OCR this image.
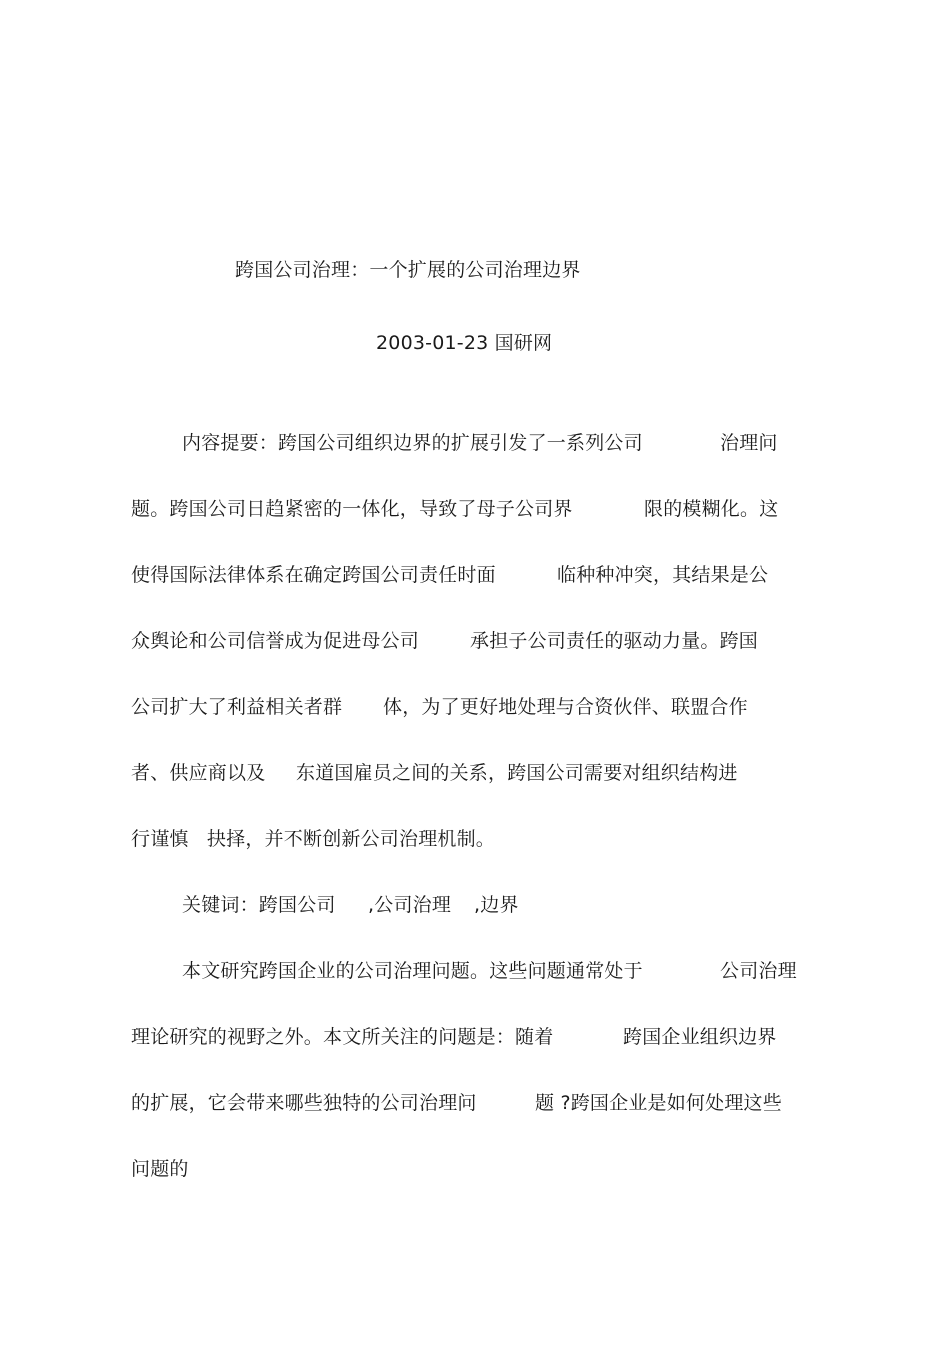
跨国公司治理：一个扩展的公司治理边界
2003-01-23 国研网
内容提要：跨国公司组织边界的扩展引发了一系列公司	治理问
题。跨国公司日趋紧密的一体化，导致了母子公司界	限的模糊化。这
使得国际法律体系在确定跨国公司责任时面	临种种冲突，其结果是公
众舆论和公司信誉成为促进母公司	承担子公司责任的驱动力量。跨国
公司扩大了利益相关者群 体，为了更好地处理与合资伙伴、联盟合作
者、供应商以及 东道国雇员之间的关系，跨国公司需要对组织结构进
行谨慎 抉择，并不断创新公司治理机制。
关键词：跨国公司 ,公司治理 ,边界
本文研究跨国企业的公司治理问题。这些问题通常处于	公司治理
理论研究的视野之外。本文所关注的问题是：随着	跨国企业组织边界
的扩展，它会带来哪些独特的公司治理问	题 ?跨国企业是如何处理这些
问题的
